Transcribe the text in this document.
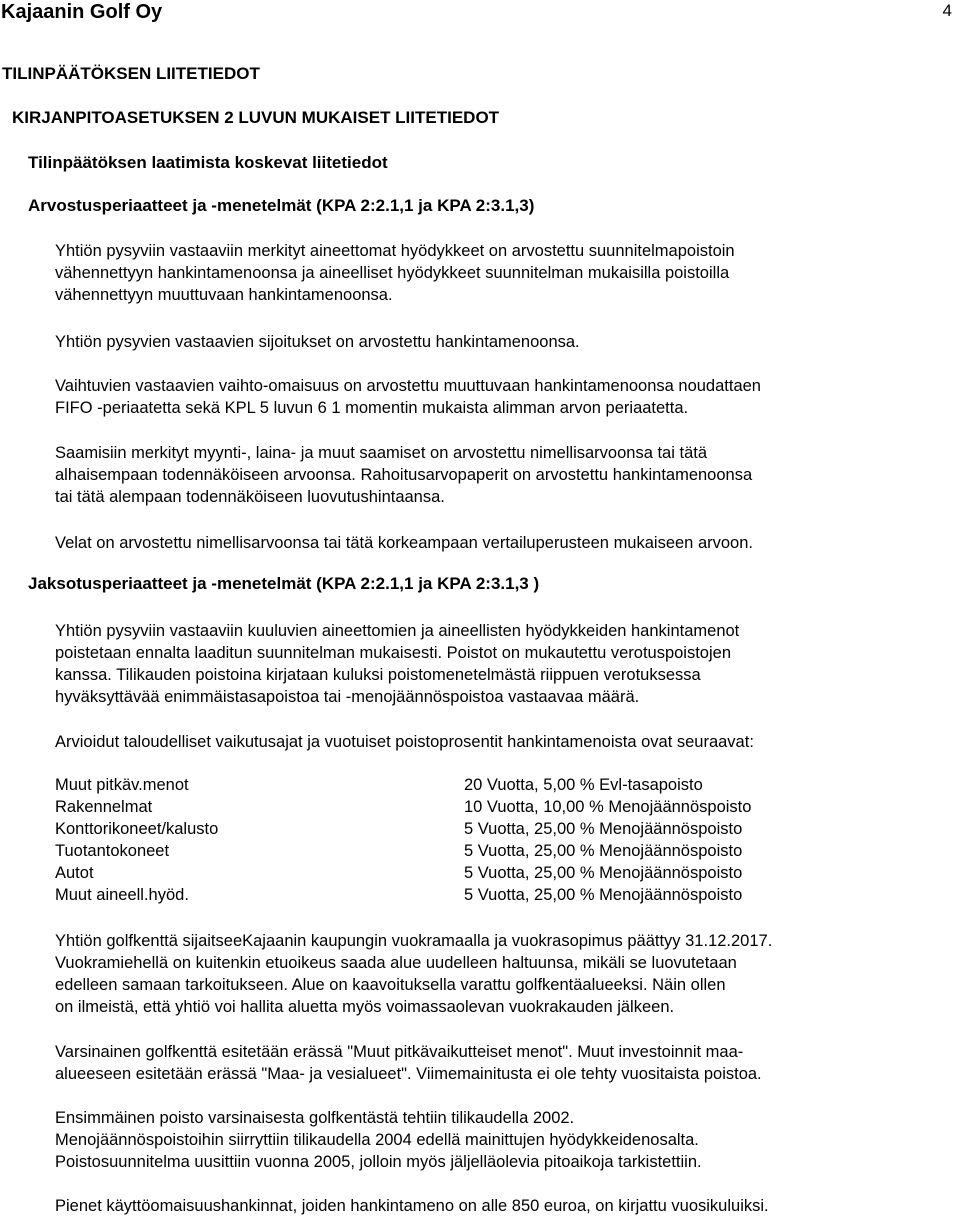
Kajaanin Golf Oy	4
TILINPÄÄTÖKSEN LIITETIEDOT
KIRJANPITOASETUKSEN 2 LUVUN MUKAISET LIITETIEDOT
Tilinpäätöksen laatimista koskevat liitetiedot
Arvostusperiaatteet ja -menetelmät (KPA 2:2.1,1 ja KPA 2:3.1,3)
Jaksotusperiaatteet ja -menetelmät (KPA 2:2.1,1 ja KPA 2:3.1,3 )
Yhtiön pysyviin vastaaviin merkityt aineettomat hyödykkeet on arvostettu suunnitelmapoistoin
vähennettyyn hankintamenoonsa ja aineelliset hyödykkeet suunnitelman mukaisilla poistoilla
vähennettyyn muuttuvaan hankintamenoonsa.
Yhtiön pysyvien vastaavien sijoitukset on arvostettu hankintamenoonsa.
Vaihtuvien vastaavien vaihto-omaisuus on arvostettu muuttuvaan hankintamenoonsa noudattaen
FIFO -periaatetta sekä KPL 5 luvun 6 1 momentin mukaista alimman arvon periaatetta.
Saamisiin merkityt myynti-, laina- ja muut saamiset on arvostettu nimellisarvoonsa tai tätä
alhaisempaan todennäköiseen arvoonsa. Rahoitusarvopaperit on arvostettu hankintamenoonsa
tai tätä alempaan todennäköiseen luovutushintaansa.
Velat on arvostettu nimellisarvoonsa tai tätä korkeampaan vertailuperusteen mukaiseen arvoon.
Yhtiön pysyviin vastaaviin kuuluvien aineettomien ja aineellisten hyödykkeiden hankintamenot
poistetaan ennalta laaditun suunnitelman mukaisesti. Poistot on mukautettu verotuspoistojen
kanssa. Tilikauden poistoina kirjataan kuluksi poistomenetelmästä riippuen verotuksessa
hyväksyttävää enimmäistasapoistoa tai -menojäännöspoistoa vastaavaa määrä.
Arvioidut taloudelliset vaikutusajat ja vuotuiset poistoprosentit hankintamenoista ovat seuraavat:
Muut pitkäv.menot	20 Vuotta, 5,00 % Evl-tasapoisto
Rakennelmat	10 Vuotta, 10,00 % Menojäännöspoisto
Konttorikoneet/kalusto	5 Vuotta, 25,00 % Menojäännöspoisto
Tuotantokoneet	5 Vuotta, 25,00 % Menojäännöspoisto
Autot	5 Vuotta, 25,00 % Menojäännöspoisto
Muut aineell.hyöd.	5 Vuotta, 25,00 % Menojäännöspoisto
Yhtiön golfkenttä sijaitseeKajaanin kaupungin vuokramaalla ja vuokrasopimus päättyy 31.12.2017.
Vuokramiehellä on kuitenkin etuoikeus saada alue uudelleen haltuunsa, mikäli se luovutetaan
edelleen samaan tarkoitukseen. Alue on kaavoituksella varattu golfkentäalueeksi. Näin ollen
on ilmeistä, että yhtiö voi hallita aluetta myös voimassaolevan vuokrakauden jälkeen.
Varsinainen golfkenttä esitetään erässä "Muut pitkävaikutteiset menot". Muut investoinnit maa-
alueeseen esitetään erässä "Maa- ja vesialueet". Viimemainitusta ei ole tehty vuositaista poistoa.
Ensimmäinen poisto varsinaisesta golfkentästä tehtiin tilikaudella 2002.
Menojäännöspoistoihin siirryttiin tilikaudella 2004 edellä mainittujen hyödykkeidenosalta.
Poistosuunnitelma uusittiin vuonna 2005, jolloin myös jäljelläolevia pitoaikoja tarkistettiin.
Pienet käyttöomaisuushankinnat, joiden hankintameno on alle 850 euroa, on kirjattu vuosikuluiksi.
